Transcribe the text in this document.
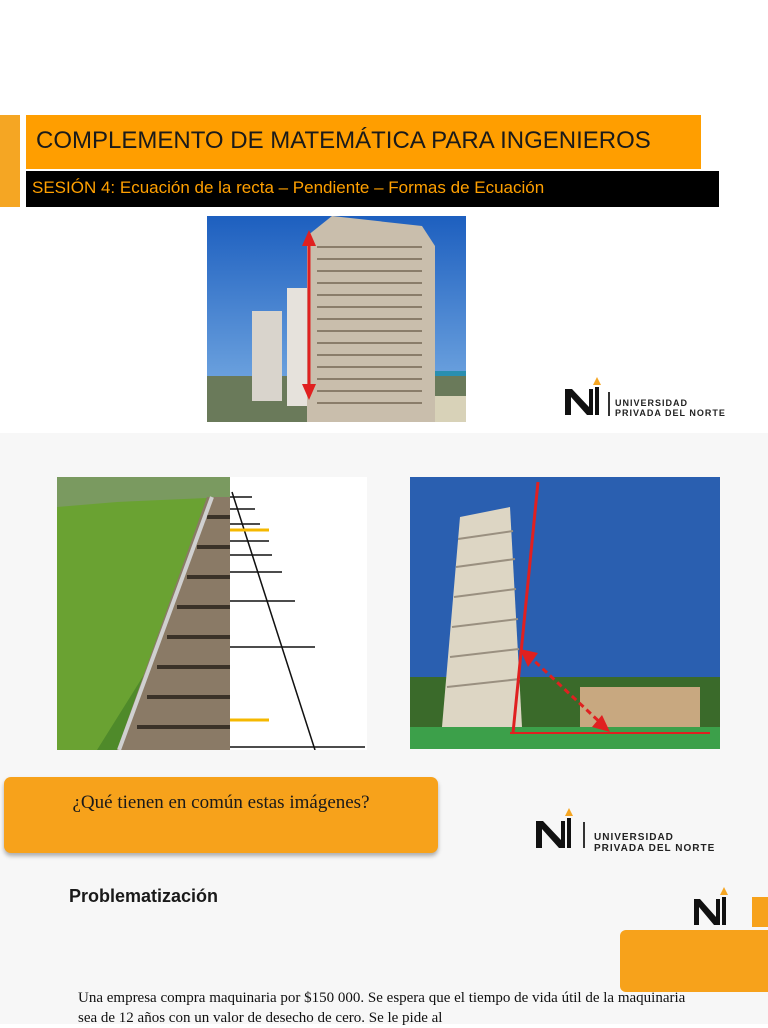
COMPLEMENTO DE MATEMÁTICA PARA INGENIEROS
SESIÓN 4: Ecuación de la recta – Pendiente – Formas de Ecuación
UNIVERSIDAD
PRIVADA DEL NORTE
¿Qué tienen en común estas imágenes?
UNIVERSIDAD
PRIVADA DEL NORTE
Problematización
Una empresa compra maquinaria por $150 000. Se espera que el tiempo de vida útil de la maquinaria sea de 12 años con un valor de desecho de cero. Se le pide al
